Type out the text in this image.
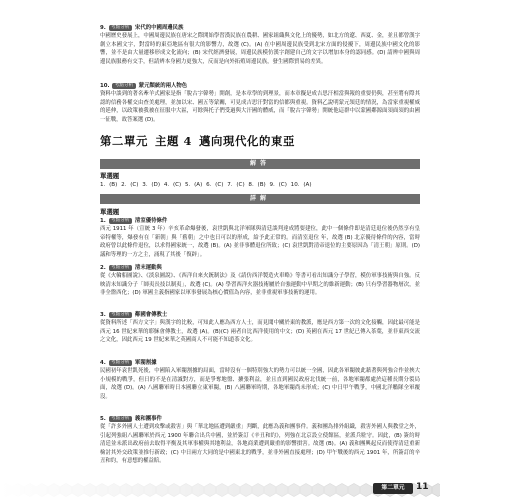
9. 考點分析 宋代的中國周邊民族

中國歷史發展上，中國周邊民族在唐宋之際開始學習漢民族在農耕、國家組織與文化上的優勢，如北方的遼、西夏、金，並且都曾漢字創立本國文字，對當時的東亞地區有很大的影響力，故選 (C)。(A) 在中國周邊民族受到北宋方面的侵擾下，周邊民族中國文化的影響，並不是由大量遷移形成文化流向；(B) 宋代經濟發展，周邊民族模仿漢字創建自己的文字以增加本身的認同感。(D) 請辨中國與周邊民族服務有交手，但請辨本身國力更強大，反而是向外拓殖周邊民族，發生國際貿易的差異。

10. 考點分析 蒙元類統的兩人物色

資料中談到的著名牽羊式國家是指「脫古字韓勢」開創，是本章學的到理景，而本章擬是成吉思汗相當與報的重要仍與，甚至將有際其認的信務各權交由查美處理，並加以宋、國五等蒙關，可見成吉思汗對當的信都與重視。資料乙說明蒙元領廷的情況，為當家重視權威的延伸，以政策被我被在征服中大區，可餘與托子們受過與大汗國的體威，而「脫古字韓勢」開統他這群中以蒙國鄰源面須面須的由國一征戰，故答案選 (D)。

第二單元 主題 4 邁向現代化的東亞
解答
單選題
1. (B) 2. (C) 3. (D) 4. (C) 5. (A) 6. (C) 7. (C) 8. (B) 9. (C) 10. (A)
詳解
單選題
1. 考點分析 清室優待條件

西元 1911 年（宣統 3 年）辛亥革命爆發後，袁世凱與北洋軍隊與清廷談判達成將要建位，此中一個條件即是清廷退位後仍然享有皇帝特權等，爆發有在「新朝」與「舊朝」之中也日可以的形成，給予此正常的。而清室退位 年，故選 (B) 北京優待條件的內容，當時政府曾以此條件退位，以求得國家統一，故選 (B)。(A) 並非事體退位所致；(C) 袁世凱對清帝退位的主要原因為「清王朝」原則。(D) 議和等理的一方之主，涌現了其後「復辟」。

2. 考點分析 清末運動與

從《火輪船圖說》、《淡泉圖說》、《西洋自來火銃制法》及《請仿西洋製造火車略》等書可看出知識分子學習，模仿軍事技術與自強。反映清末知識分子「師夷長技以制夷」，故選 (C)。(A) 學習西洋火器技術屬於自強運動中早期之的維新運動；(B) 只有學習器物層次，並非全盤西化；(D) 軍國主義指國家以軍事發展為核心價值為內容，並非重視軍事技術的運用。

3. 考點分析 鄰國會傳教士

從資料所述「西方文字」與漢字的比較，可知此人應為西方人士，而見聞中關於東的教派，應是西方第一次的文化接觸，因此最可能是西元 16 世紀來華的耶穌會傳教士，故選 (A)。(B)(C) 兩者自比西洋使用的中文；(D) 英國在西元 17 世紀已傳入茶葉，並非東西交流之文化，因此西元 19 世紀來華之英國商人不可能不知道茶文化。

4. 考點分析 軍閥割據

民國初年袁世凱死後，中國陷入軍閥割據的局面，當時沒有一個特別強大的勢力可以統一全國，因此各軍閥彼此藉著與列強合作並挾大小規模的戰爭，但日的不是在清滅對方，而是爭奪地盤、擴張利益，並且直到國民政府北伐統一前，各地軍閥都處於這種長期分裂局面，故選 (D)。(A) 八國聯軍時日本國聯立東軍閥，(B) 八國聯軍時期，各地軍閥尚未形成；(C) 中日甲午戰爭，中國北洋艦隊全軍覆沒。

5. 考點分析 義和團事件

從「許多外國人士遭到攻擊或殺害」與「華北地區遭到嚴重」判斷，此應為義和團事件。義和團為排外組織，殺害外國人與教堂之外，引起列強組八國聯軍於西元 1900 年聯合出兵中國，並於簽訂《辛丑和約》，列強在北京設立使館區，並派兵駐守。因此，(B) 簽約時清廷並未派出政府前去取得平衡及其軍事權與其地利益，各地商業遭到嚴重的影響損害。故選 (B)。(A) 義和團興起反而使得清廷重新檢討其外交政策並推行新政；(C) 中日兩方大同的是中國東北的戰爭，並非外國直接處理；(D) 甲午戰後的西元 1901 年，所簽訂的辛丑和約，有意想的權益賠。

第二單元	11
